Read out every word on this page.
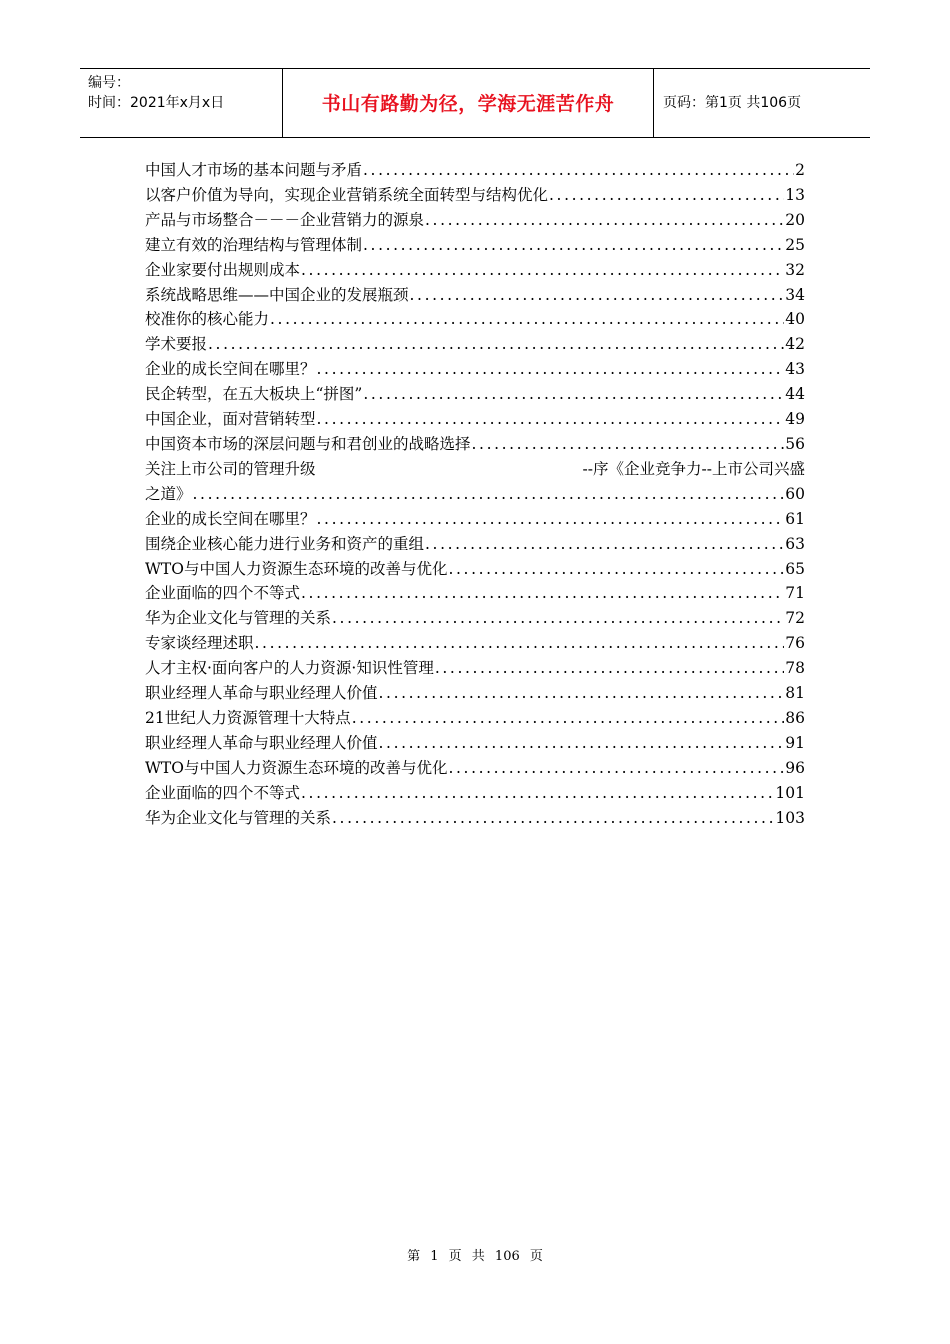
编号：
时间：2021年x月x日	书山有路勤为径，学海无涯苦作舟	页码：第1页 共106页
中国人才市场的基本问题与矛盾 .....	2
以客户价值为导向，实现企业营销系统全面转型与结构优化 .....	13
产品与市场整合－－－企业营销力的源泉 .....	20
建立有效的治理结构与管理体制 .....	25
企业家要付出规则成本 .....	32
系统战略思维——中国企业的发展瓶颈 .....	34
校准你的核心能力 .....	40
学术要报 .....	42
企业的成长空间在哪里？ .....	43
民企转型，在五大板块上“拼图” .....	44
中国企业，面对营销转型 .....	49
中国资本市场的深层问题与和君创业的战略选择 .....	56
关注上市公司的管理升级	--序《企业竞争力--上市公司兴盛
之道》 .....	60
企业的成长空间在哪里？ .....	61
围绕企业核心能力进行业务和资产的重组 .....	63
WTO与中国人力资源生态环境的改善与优化 .....	65
企业面临的四个不等式 .....	71
华为企业文化与管理的关系 .....	72
专家谈经理述职 .....	76
人才主权·面向客户的人力资源·知识性管理 .....	78
职业经理人革命与职业经理人价值 .....	81
21世纪人力资源管理十大特点 .....	86
职业经理人革命与职业经理人价值 .....	91
WTO与中国人力资源生态环境的改善与优化 .....	96
企业面临的四个不等式 .....	101
华为企业文化与管理的关系 .....	103
第 1 页 共 106 页
